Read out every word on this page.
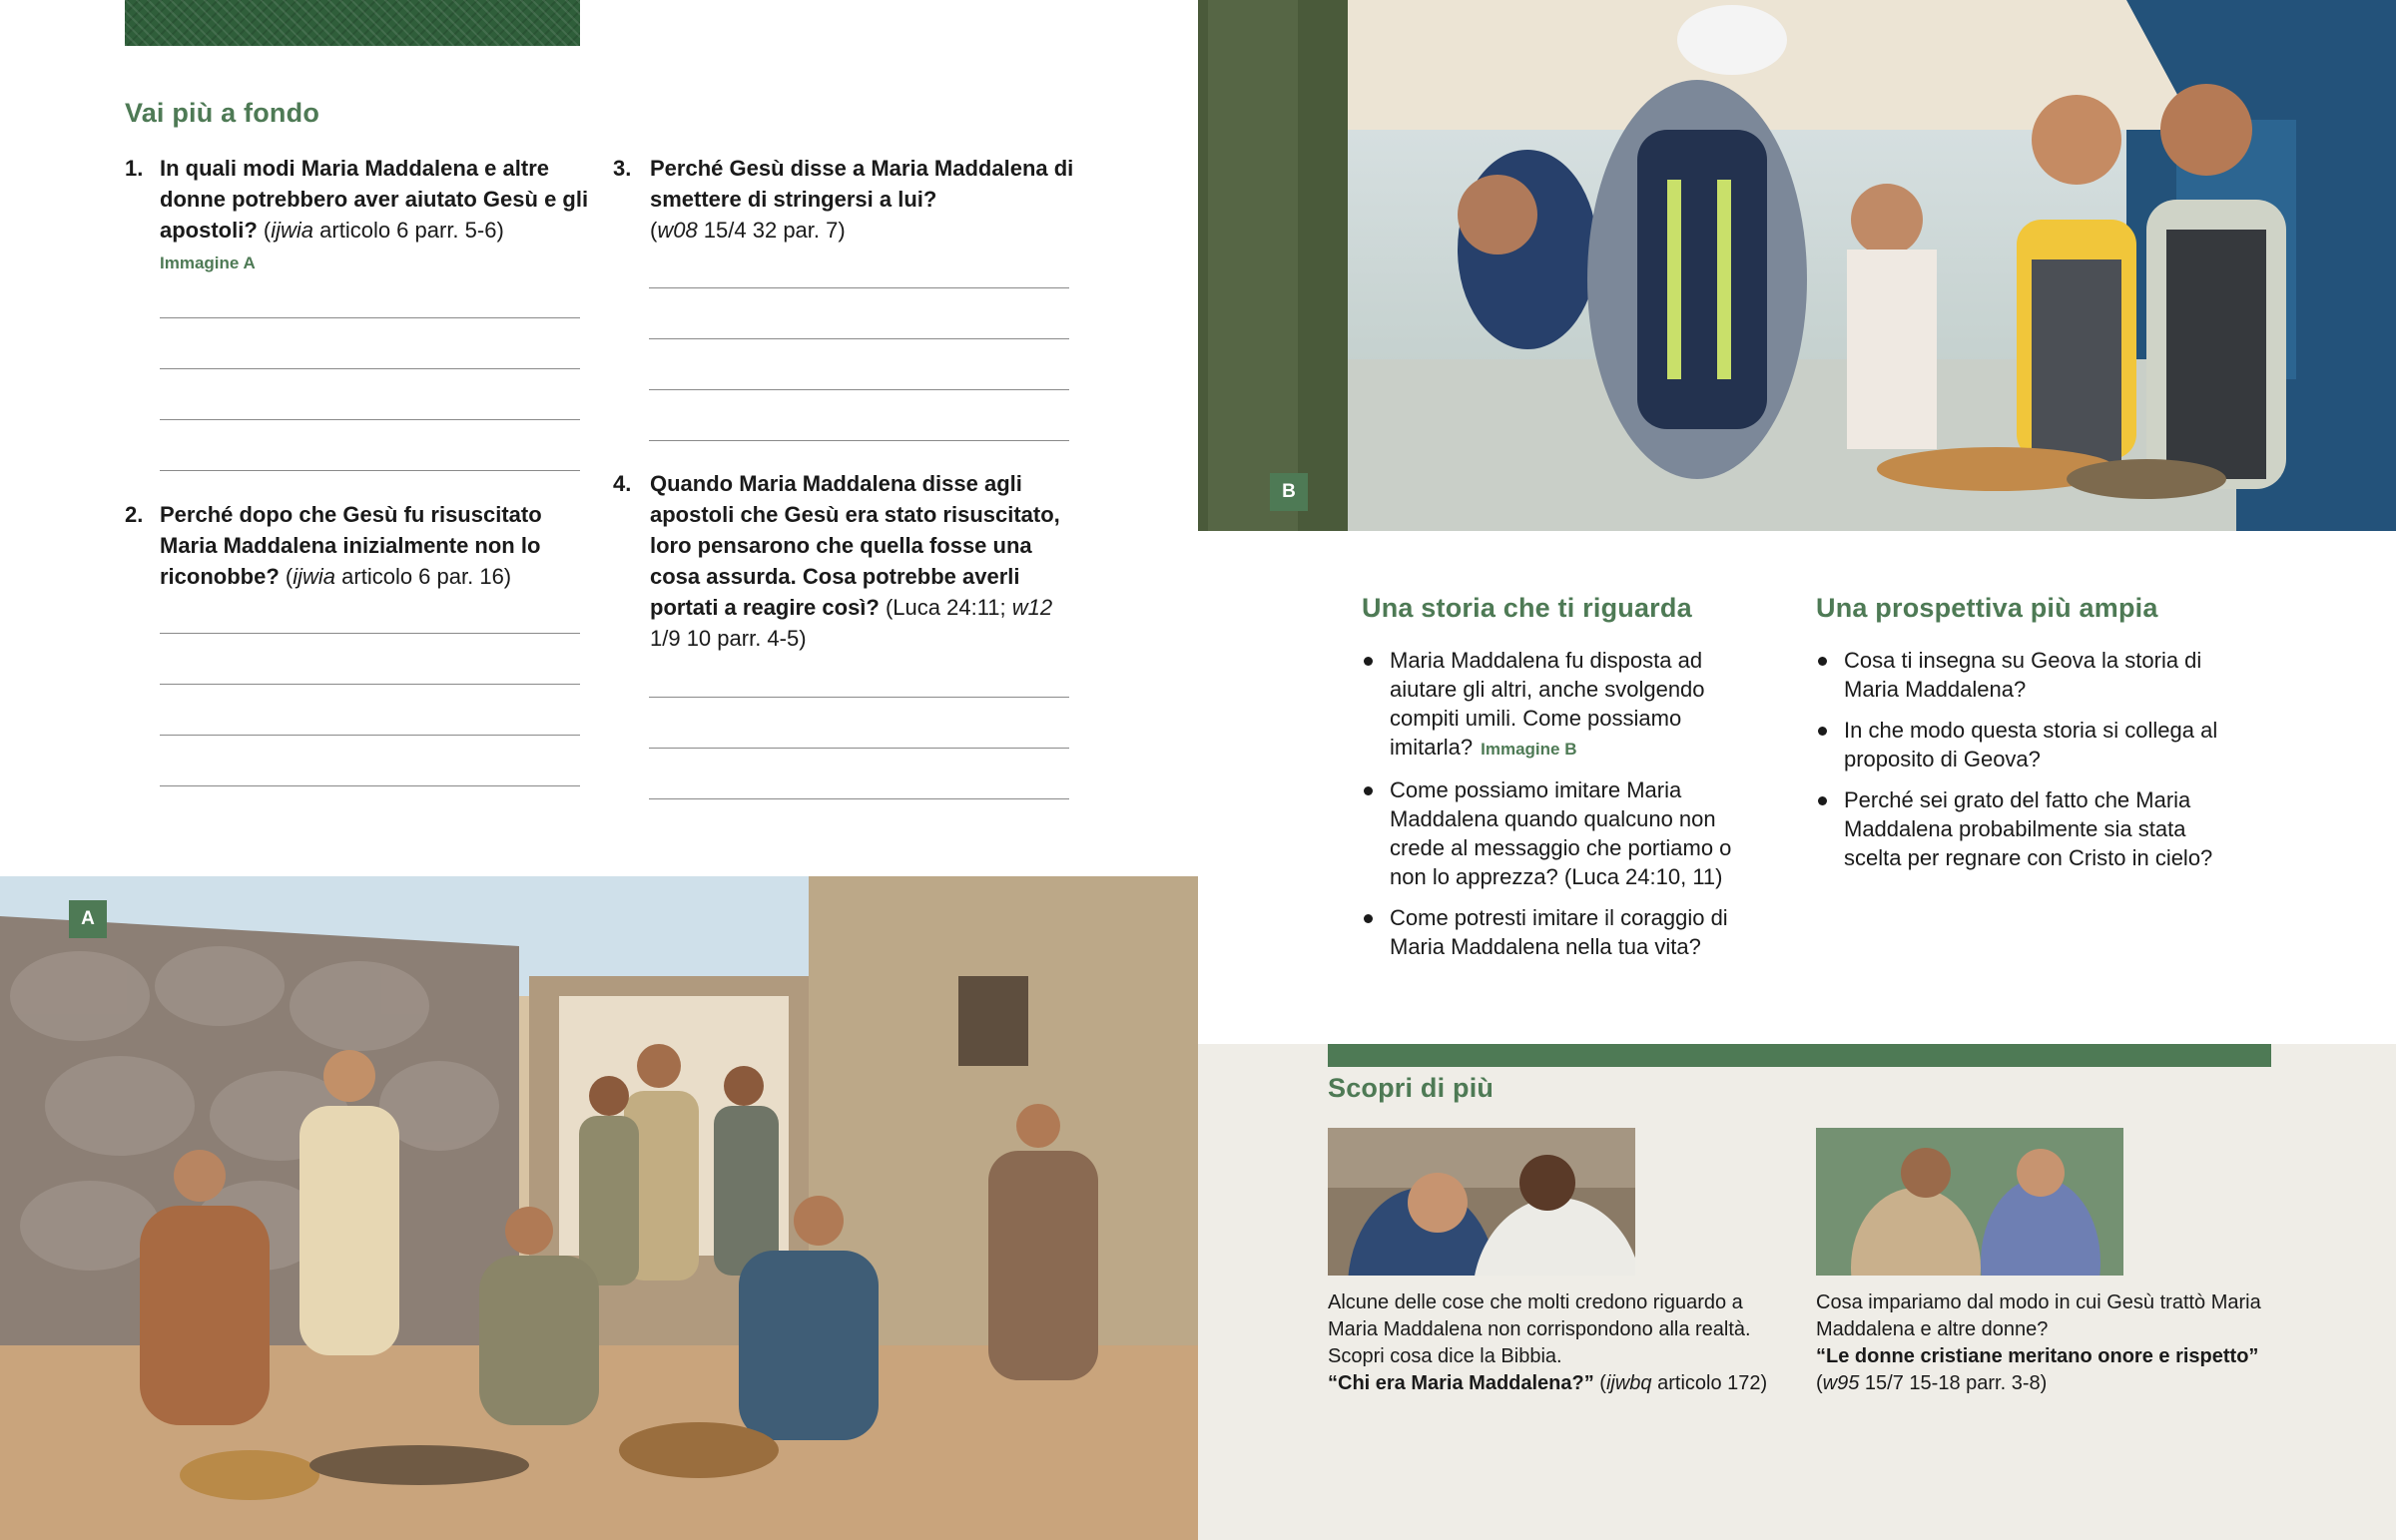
Vai più a fondo
1. In quali modi Maria Maddalena e altre donne potrebbero aver aiutato Gesù e gli apostoli? (ijwia articolo 6 parr. 5-6)
Immagine A
2. Perché dopo che Gesù fu risuscitato Maria Maddalena inizialmente non lo riconobbe? (ijwia articolo 6 par. 16)
3. Perché Gesù disse a Maria Maddalena di smettere di stringersi a lui?
(w08 15/4 32 par. 7)
4. Quando Maria Maddalena disse agli apostoli che Gesù era stato risuscitato, loro pensarono che quella fosse una cosa assurda. Cosa potrebbe averli portati a reagire così? (Luca 24:11; w12 1/9 10 parr. 4-5)
B
A
Una storia che ti riguarda
Maria Maddalena fu disposta ad aiutare gli altri, anche svolgendo compiti umili. Come possiamo imitarla? Immagine B
Come possiamo imitare Maria Maddalena quando qualcuno non crede al messaggio che portiamo o non lo apprezza? (Luca 24:10, 11)
Come potresti imitare il coraggio di Maria Maddalena nella tua vita?
Una prospettiva più ampia
Cosa ti insegna su Geova la storia di Maria Maddalena?
In che modo questa storia si collega al proposito di Geova?
Perché sei grato del fatto che Maria Maddalena probabilmente sia stata scelta per regnare con Cristo in cielo?
Scopri di più
Alcune delle cose che molti credono riguardo a Maria Maddalena non corrispondono alla realtà. Scopri cosa dice la Bibbia.
“Chi era Maria Maddalena?” (ijwbq articolo 172)
Cosa impariamo dal modo in cui Gesù trattò Maria Maddalena e altre donne?
“Le donne cristiane meritano onore e rispetto”
(w95 15/7 15-18 parr. 3-8)
